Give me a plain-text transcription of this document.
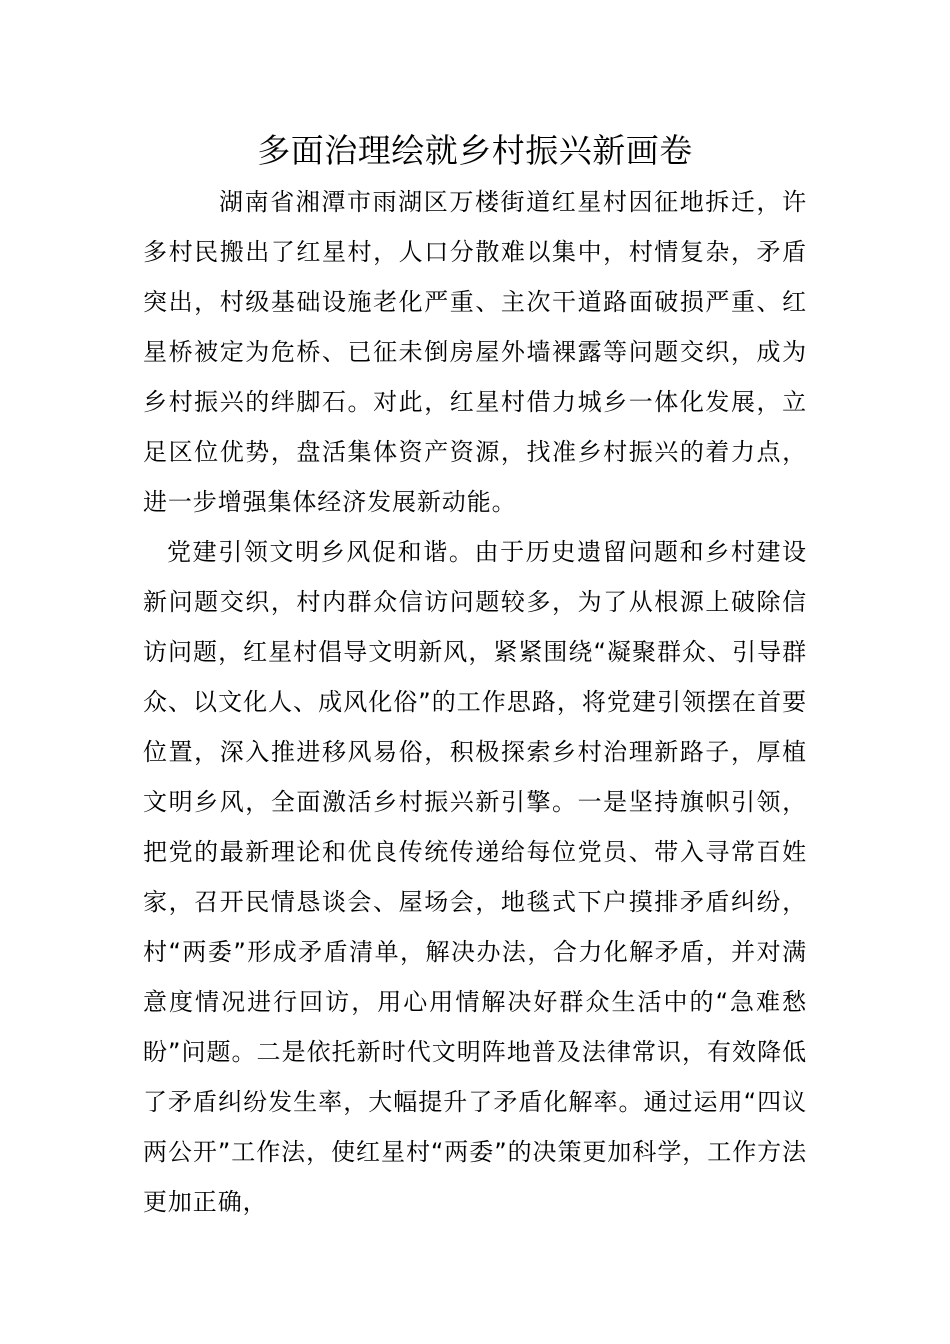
多面治理绘就乡村振兴新画卷

湖南省湘潭市雨湖区万楼街道红星村因征地拆迁，许多村民搬出了红星村，人口分散难以集中，村情复杂，矛盾突出，村级基础设施老化严重、主次干道路面破损严重、红星桥被定为危桥、已征未倒房屋外墙裸露等问题交织，成为乡村振兴的绊脚石。对此，红星村借力城乡一体化发展，立足区位优势，盘活集体资产资源，找准乡村振兴的着力点，进一步增强集体经济发展新动能。

党建引领文明乡风促和谐。由于历史遗留问题和乡村建设新问题交织，村内群众信访问题较多，为了从根源上破除信访问题，红星村倡导文明新风，紧紧围绕“凝聚群众、引导群众、以文化人、成风化俗”的工作思路，将党建引领摆在首要位置，深入推进移风易俗，积极探索乡村治理新路子，厚植文明乡风，全面激活乡村振兴新引擎。一是坚持旗帜引领，把党的最新理论和优良传统传递给每位党员、带入寻常百姓家，召开民情恳谈会、屋场会，地毯式下户摸排矛盾纠纷，村“两委”形成矛盾清单，解决办法，合力化解矛盾，并对满意度情况进行回访，用心用情解决好群众生活中的“急难愁盼”问题。二是依托新时代文明阵地普及法律常识，有效降低了矛盾纠纷发生率，大幅提升了矛盾化解率。通过运用“四议两公开”工作法，使红星村“两委”的决策更加科学，工作方法更加正确，
